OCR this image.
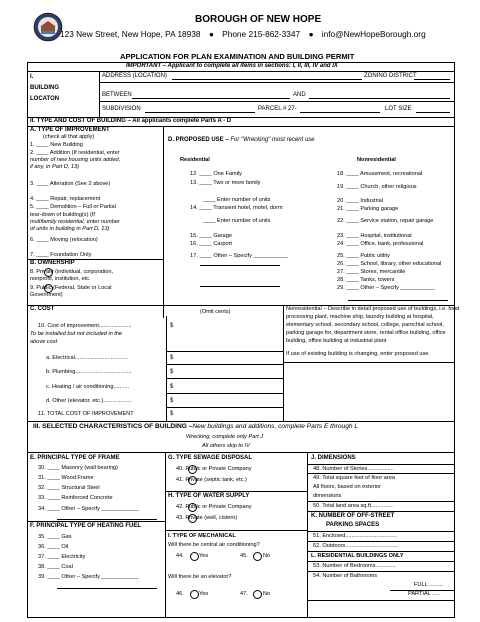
BOROUGH OF NEW HOPE
123 New Street, New Hope, PA 18938 ● Phone 215-862-3347 ● info@NewHopeBorough.org
APPLICATION FOR PLAN EXAMINATION AND BUILDING PERMIT
IMPORTANT – Applicant to complete all items in sections: I, II, III, IV and IX
I.
BUILDING
LOCATON
ADDRESS (LOCATION)	ZONING DISTRICT
BETWEEN	AND
SUBDIVISION	PARCEL # 27-	LOT SIZE
II. TYPE AND COST OF BUILDING – All applicants complete Parts A - D
A. TYPE OF IMPROVEMENT
(check all that apply)
1. ____ New Building
2. ____ Addition (If residential, enter
number of new housing units added,
if any, in Part D, 13)
3. ____ Alteration (See 2 above)
4. ____ Repair, replacement
5. ____ Demolition – Full or Partial
tear-down of building(s) (If
multifamily residential, enter number
of units in building in Part D, 13)
6. ____ Moving (relocation)
7. ____ Foundation Only
B. OWNERSHIP
8. Private (individual, corporation,
nonprofit, institution, etc.
9. Public (Federal, State or Local
Government)
D. PROPOSED USE – For "Wrecking" most recent use
Residential	Nonresidential
12. ____ One Family
13. ____ Two or more family
____ Enter number of units
14. ____ Transient hotel, motel, dorm
____ Enter number of units
15. ____ Garage
16. ____ Carport
17. ____ Other – Specify ___________
18. ____ Amusement, recreational
19. ____ Church, other religious
20. ____ Industrial
21. ____ Parking garage
22. ____ Service station, repair garage
23. ____ Hospital, institutional
24. ____ Office, bank, professional
25. ____ Public utility
26. ____ School, library, other educational
27. ____ Stores, mercantile
28. ____ Tanks, towers
29. ____ Other – Specify ___________
C. COST	(Omit cents)
10. Cost of improvement.....................
To be installed but not included in the
above cost
$
a. Electrical..................................	$
b. Plumbing....................................	$
c. Heating / air conditioning..........	$
d. Other (elevator, etc.)..................	$
11. TOTAL COST OF IMPROVEMENT	$
Nonresidential – Describe in detail proposed use of buildings, i.e. food
processing plant, machine ship, laundry building at hospital,
elementary school, secondary school, college, parochial school,
parking garage for, department store, rental office building, office
building, office building at industrial plant
If use of existing building is changing, enter proposed use.
III. SELECTED CHARACTERISTICS OF BUILDING –New buildings and additions, complete Parts E through L
Wrecking, complete only Part J
All others skip to IV
E. PRINCIPAL TYPE OF FRAME
30. ____ Masonry (wall bearing)
31. ____ Wood Frame
32. ____ Structural Steel
33. ____ Reinforced Concrete
34. ____ Other – Specify ____________
F. PRINCIPAL TYPE OF HEATING FUEL
35. ____ Gas
36. ____ Oil
37. ____ Electricity
38. ____ Coal
39. ____ Other – Specify ____________
G. TYPE SEWAGE DISPOSAL
40. Public or Private Company
41. Private (septic tank, etc.)
H. TYPE OF WATER SUPPLY
42. Public or Private Company
43. Private (well, cistern)
I. TYPE OF MECHANICAL
Will there be central air conditioning?
44.	Yes	45.	No
Will there be an elevator?
46.	Yes	47.	No
J. DIMENSIONS
48. Number of Stories.................
49. Total square feet of floor area
All floors, based on exterior
dimensions
50. Total land area sq.ft..............
K. NUMBER OF OFF-STREET
PARKING SPACES
51. Enclosed.................................
52. Outdoors..................................
L. RESIDENTIAL BUILDINGS ONLY
53. Number of Bedrooms.............
54. Number of Bathrooms
FULL .........
PARTIAL .....
